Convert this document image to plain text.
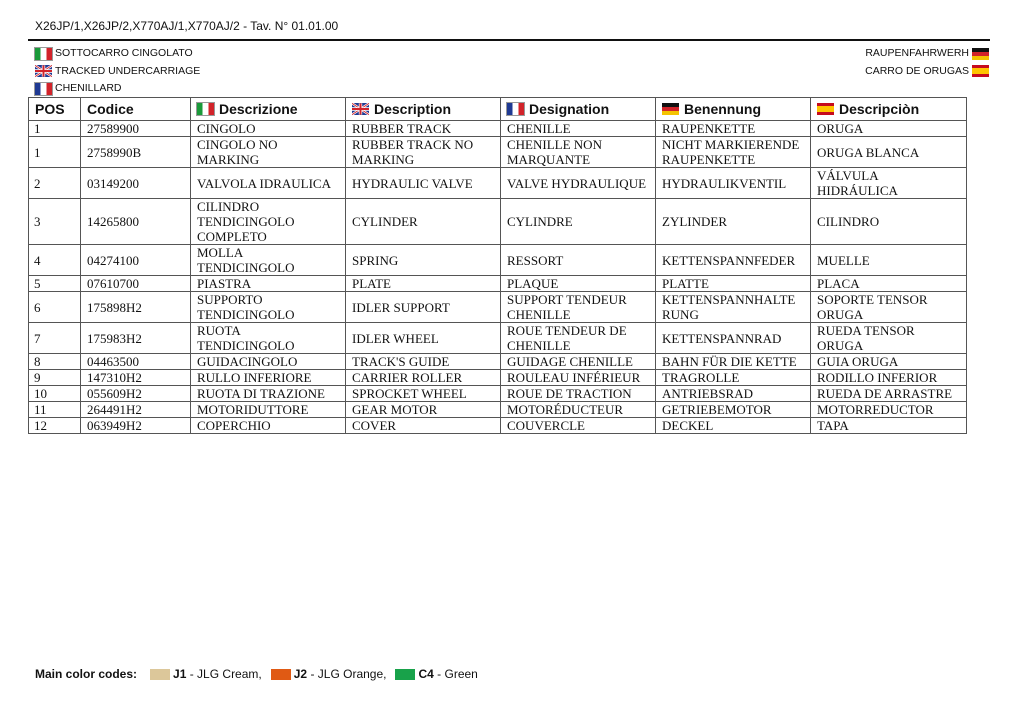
X26JP/1,X26JP/2,X770AJ/1,X770AJ/2 - Tav. N° 01.01.00
SOTTOCARRO CINGOLATO
TRACKED UNDERCARRIAGE
CHENILLARD
RAUPENFAHRWERH
CARRO DE ORUGAS
POS	Codice	Descrizione	Description	Designation	Benennung	Descripciòn

1	27589900	CINGOLO	RUBBER TRACK	CHENILLE	RAUPENKETTE	ORUGA
1	2758990B	CINGOLO NO MARKING	RUBBER TRACK NO MARKING	CHENILLE NON MARQUANTE	NICHT MARKIERENDE RAUPENKETTE	ORUGA BLANCA
2	03149200	VALVOLA IDRAULICA	HYDRAULIC VALVE	VALVE HYDRAULIQUE	HYDRAULIKVENTIL	VÁLVULA HIDRÁULICA
3	14265800	CILINDRO TENDICINGOLO COMPLETO	CYLINDER	CYLINDRE	ZYLINDER	CILINDRO
4	04274100	MOLLA TENDICINGOLO	SPRING	RESSORT	KETTENSPANNFEDER	MUELLE
5	07610700	PIASTRA	PLATE	PLAQUE	PLATTE	PLACA
6	175898H2	SUPPORTO TENDICINGOLO	IDLER SUPPORT	SUPPORT TENDEUR CHENILLE	KETTENSPANNHALTE RUNG	SOPORTE TENSOR ORUGA
7	175983H2	RUOTA TENDICINGOLO	IDLER WHEEL	ROUE TENDEUR DE CHENILLE	KETTENSPANNRAD	RUEDA TENSOR ORUGA
8	04463500	GUIDACINGOLO	TRACK'S GUIDE	GUIDAGE CHENILLE	BAHN FÜR DIE KETTE	GUIA ORUGA
9	147310H2	RULLO INFERIORE	CARRIER ROLLER	ROULEAU INFÉRIEUR	TRAGROLLE	RODILLO INFERIOR
10	055609H2	RUOTA DI TRAZIONE	SPROCKET WHEEL	ROUE DE TRACTION	ANTRIEBSRAD	RUEDA DE ARRASTRE
11	264491H2	MOTORIDUTTORE	GEAR MOTOR	MOTORÉDUCTEUR	GETRIEBEMOTOR	MOTORREDUCTOR
12	063949H2	COPERCHIO	COVER	COUVERCLE	DECKEL	TAPA
Main color codes:	J1 - JLG Cream,	J2 - JLG Orange,	C4 - Green
